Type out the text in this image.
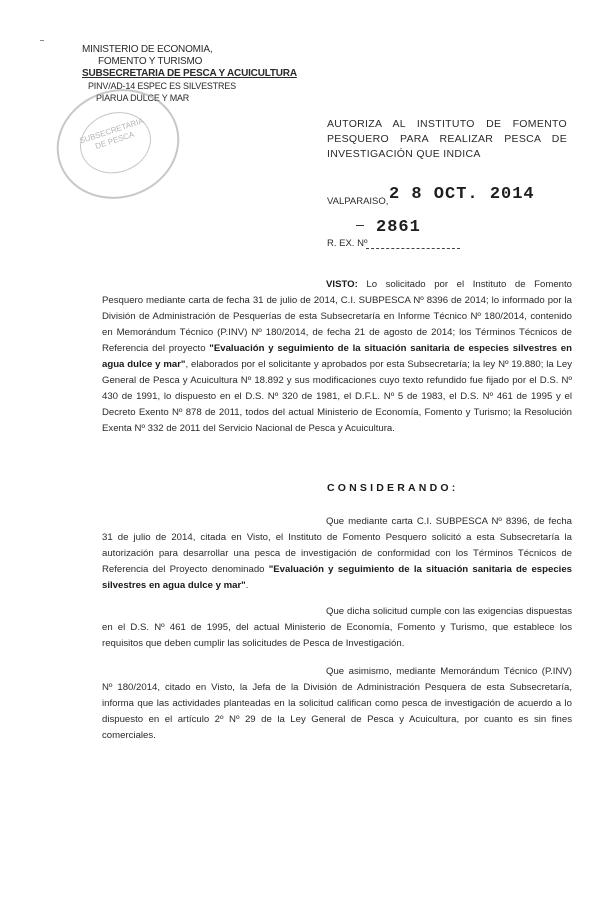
MINISTERIO DE ECONOMIA,
FOMENTO Y TURISMO
SUBSECRETARIA DE PESCA Y ACUICULTURA
PINV/AD-14 ESPEC ES SILVESTRES
PIARUA DULCE Y MAR
SUBSECRETARIA DE PESCA
AUTORIZA AL INSTITUTO DE FOMENTO PESQUERO PARA REALIZAR PESCA DE INVESTIGACIÓN QUE INDICA
VALPARAISO, 2 8 OCT. 2014
2861
R. EX. Nº
VISTO: Lo solicitado por el Instituto de Fomento Pesquero mediante carta de fecha 31 de julio de 2014, C.I. SUBPESCA Nº 8396 de 2014; lo informado por la División de Administración de Pesquerías de esta Subsecretaría en Informe Técnico Nº 180/2014, contenido en Memorándum Técnico (P.INV) Nº 180/2014, de fecha 21 de agosto de 2014; los Términos Técnicos de Referencia del proyecto "Evaluación y seguimiento de la situación sanitaria de especies silvestres en agua dulce y mar", elaborados por el solicitante y aprobados por esta Subsecretaría; la ley Nº 19.880; la Ley General de Pesca y Acuicultura Nº 18.892 y sus modificaciones cuyo texto refundido fue fijado por el D.S. Nº 430 de 1991, lo dispuesto en el D.S. Nº 320 de 1981, el D.F.L. Nº 5 de 1983, el D.S. Nº 461 de 1995 y el Decreto Exento Nº 878 de 2011, todos del actual Ministerio de Economía, Fomento y Turismo; la Resolución Exenta Nº 332 de 2011 del Servicio Nacional de Pesca y Acuicultura.
CONSIDERANDO:
Que mediante carta C.I. SUBPESCA Nº 8396, de fecha 31 de julio de 2014, citada en Visto, el Instituto de Fomento Pesquero solicitó a esta Subsecretaría la autorización para desarrollar una pesca de investigación de conformidad con los Términos Técnicos de Referencia del Proyecto denominado "Evaluación y seguimiento de la situación sanitaria de especies silvestres en agua dulce y mar".
Que dicha solicitud cumple con las exigencias dispuestas en el D.S. Nº 461 de 1995, del actual Ministerio de Economía, Fomento y Turismo, que establece los requisitos que deben cumplir las solicitudes de Pesca de Investigación.
Que asimismo, mediante Memorándum Técnico (P.INV) Nº 180/2014, citado en Visto, la Jefa de la División de Administración Pesquera de esta Subsecretaría, informa que las actividades planteadas en la solicitud califican como pesca de investigación de acuerdo a lo dispuesto en el artículo 2º Nº 29 de la Ley General de Pesca y Acuicultura, por cuanto es sin fines comerciales.
